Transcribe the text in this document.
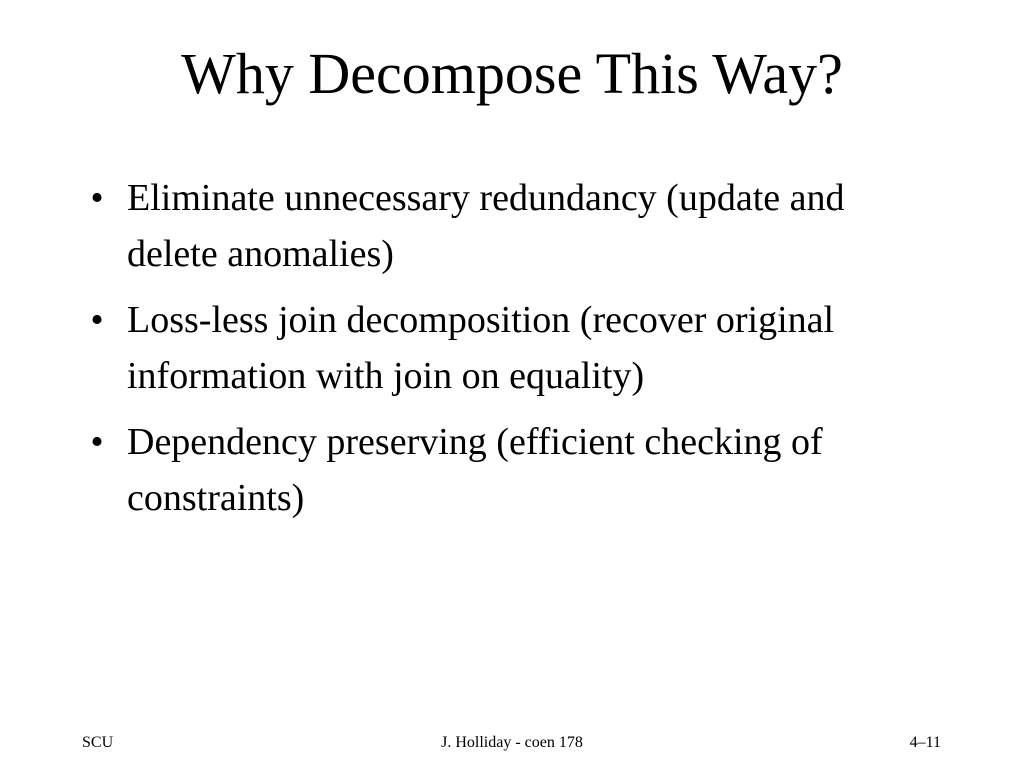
Why Decompose This Way?
• Eliminate unnecessary redundancy (update and delete anomalies)
• Loss-less join decomposition (recover original information with join on equality)
• Dependency preserving (efficient checking of constraints)
SCU	J. Holliday - coen 178	4–11
